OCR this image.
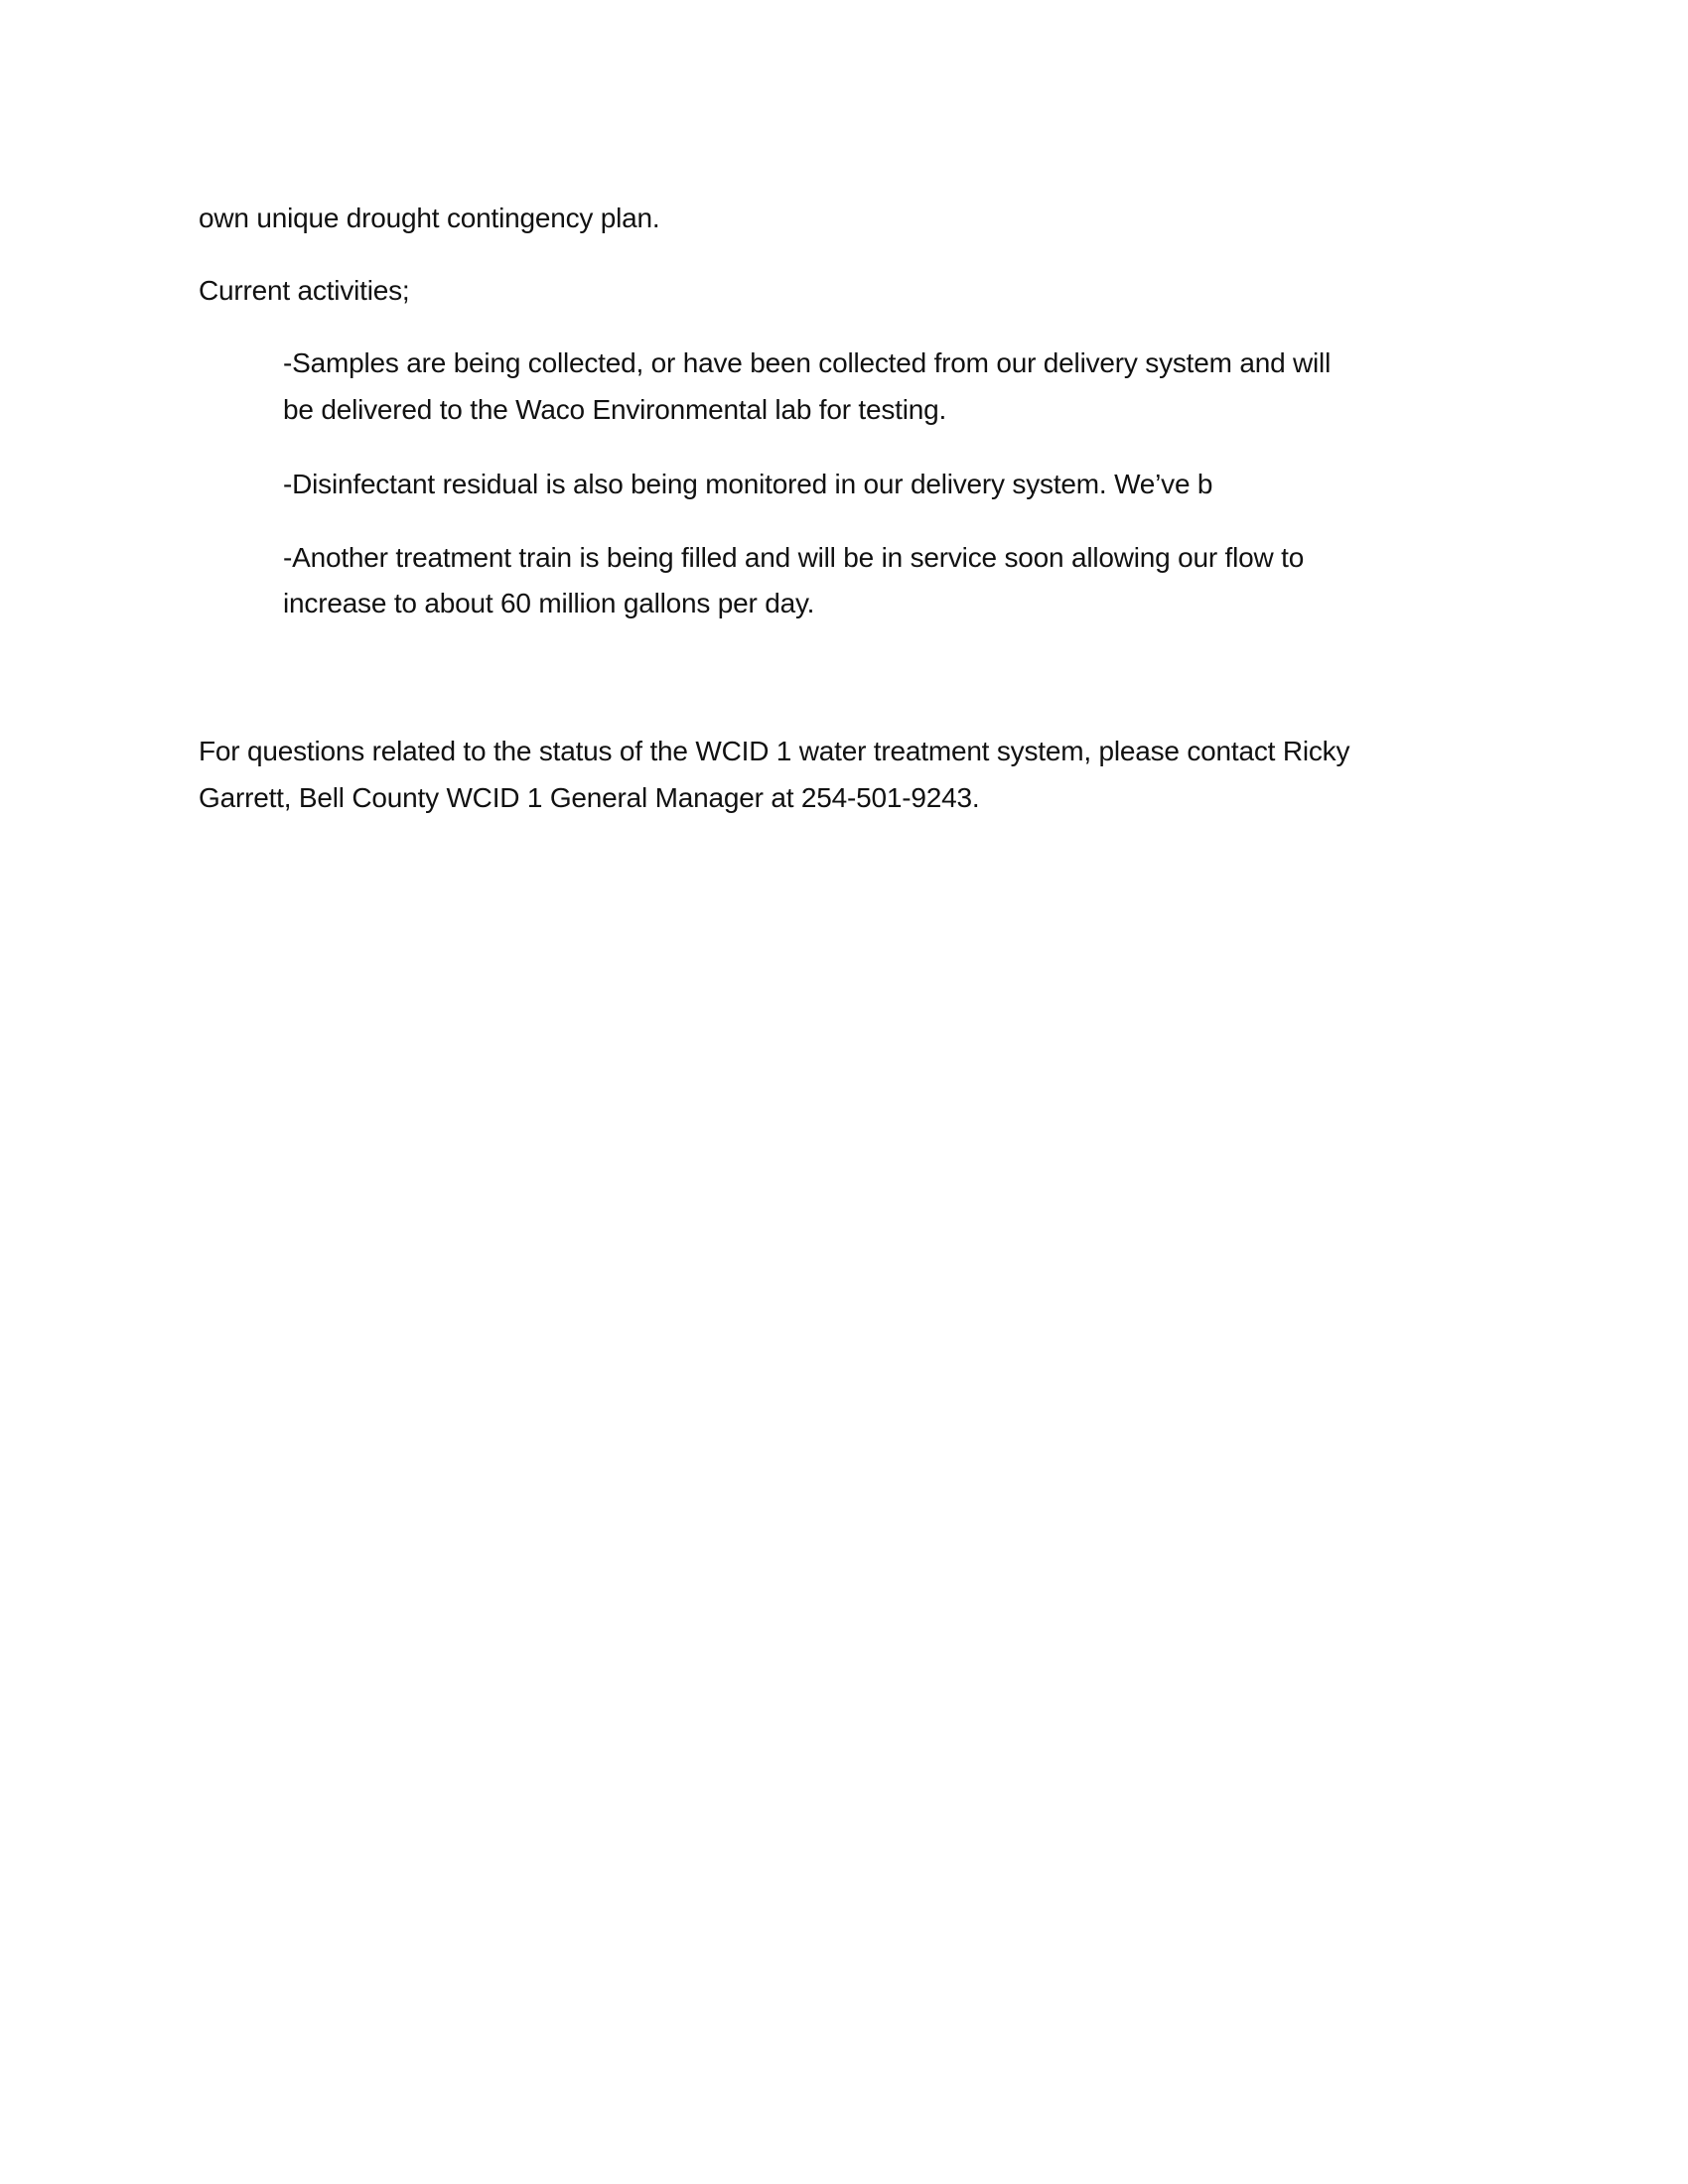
own unique drought contingency plan.
Current activities;
-Samples are being collected, or have been collected from our delivery system and will
be delivered to the Waco Environmental lab for testing.
-Disinfectant residual is also being monitored in our delivery system. We’ve b
-Another treatment train is being filled and will be in service soon allowing our flow to
increase to about 60 million gallons per day.
For questions related to the status of the WCID 1 water treatment system, please contact Ricky
Garrett, Bell County WCID 1 General Manager at 254-501-9243.
